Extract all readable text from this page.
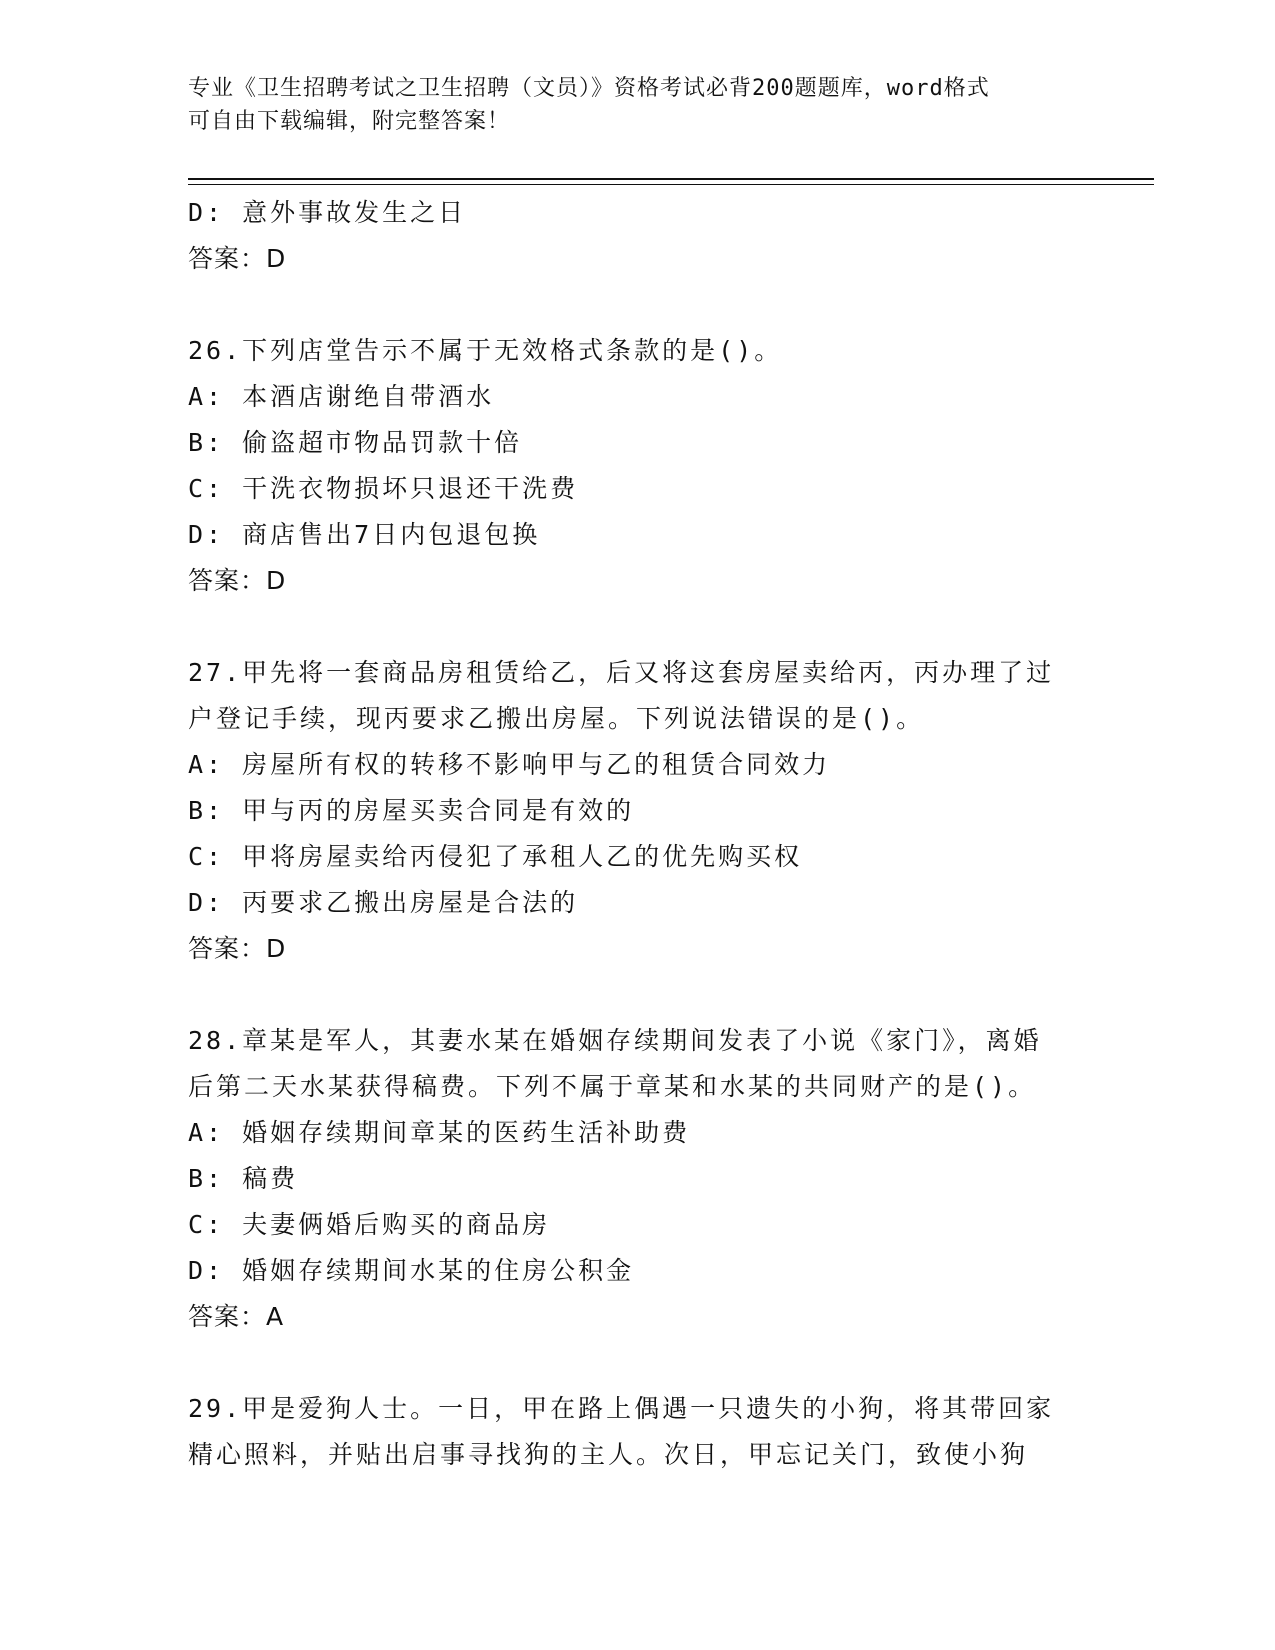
专业《卫生招聘考试之卫生招聘（文员）》资格考试必背200题题库，word格式
可自由下载编辑，附完整答案！
D: 意外事故发生之日
答案：D
26.下列店堂告示不属于无效格式条款的是()。
A: 本酒店谢绝自带酒水
B: 偷盗超市物品罚款十倍
C: 干洗衣物损坏只退还干洗费
D: 商店售出7日内包退包换
答案：D
27.甲先将一套商品房租赁给乙，后又将这套房屋卖给丙，丙办理了过
户登记手续，现丙要求乙搬出房屋。下列说法错误的是()。
A: 房屋所有权的转移不影响甲与乙的租赁合同效力
B: 甲与丙的房屋买卖合同是有效的
C: 甲将房屋卖给丙侵犯了承租人乙的优先购买权
D: 丙要求乙搬出房屋是合法的
答案：D
28.章某是军人，其妻水某在婚姻存续期间发表了小说《家门》，离婚
后第二天水某获得稿费。下列不属于章某和水某的共同财产的是()。
A: 婚姻存续期间章某的医药生活补助费
B: 稿费
C: 夫妻俩婚后购买的商品房
D: 婚姻存续期间水某的住房公积金
答案：A
29.甲是爱狗人士。一日，甲在路上偶遇一只遗失的小狗，将其带回家
精心照料，并贴出启事寻找狗的主人。次日，甲忘记关门，致使小狗
